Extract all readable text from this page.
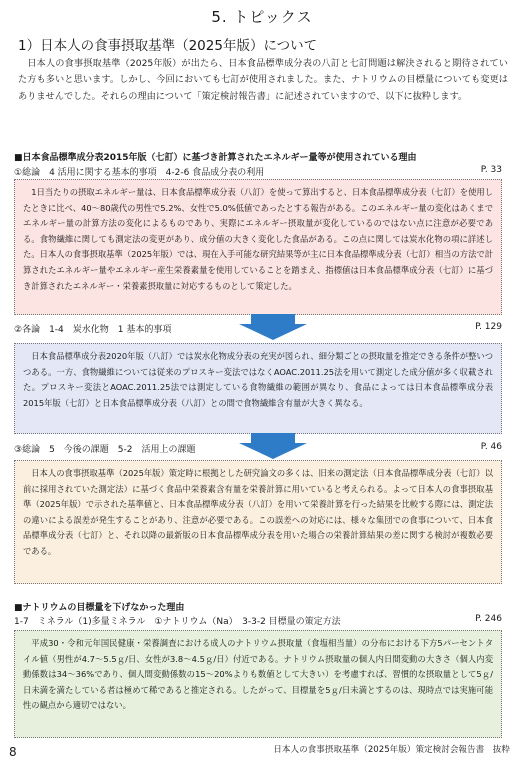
5. トピックス
1）日本人の食事摂取基準（2025年版）について
日本人の食事摂取基準（2025年版）が出たら、日本食品標準成分表の八訂と七訂問題は解決されると期待されていた方も多いと思います。しかし、今回においても七訂が使用されました。また、ナトリウムの目標量についても変更はありませんでした。それらの理由について「策定検討報告書」に記述されていますので、以下に抜粋します。
■日本食品標準成分表2015年版（七訂）に基づき計算されたエネルギー量等が使用されている理由
①総論　4 活用に関する基本的事項　4-2-6 食品成分表の利用	P. 33
1日当たりの摂取エネルギー量は、日本食品標準成分表（八訂）を使って算出すると、日本食品標準成分表（七訂）を使用したときに比べ、40～80歳代の男性で5.2%、女性で5.0%低値であったとする報告がある。このエネルギー量の変化はあくまでエネルギー量の計算方法の変化によるものであり、実際にエネルギー摂取量が変化しているのではない点に注意が必要である。食物繊維に関しても測定法の変更があり、成分値の大きく変化した食品がある。この点に関しては炭水化物の項に詳述した。日本人の食事摂取基準（2025年版）では、現在入手可能な研究結果等が主に日本食品標準成分表（七訂）相当の方法で計算されたエネルギー量やエネルギー産生栄養素量を使用していることを踏まえ、指標値は日本食品標準成分表（七訂）に基づき計算されたエネルギー・栄養素摂取量に対応するものとして策定した。
②各論　1-4　炭水化物　1 基本的事項	P. 129
日本食品標準成分表2020年版（八訂）では炭水化物成分表の充実が図られ、細分類ごとの摂取量を推定できる条件が整いつつある。一方、食物繊維については従来のプロスキー変法ではなくAOAC.2011.25法を用いて測定した成分値が多く収載された。プロスキー変法とAOAC.2011.25法では測定している食物繊維の範囲が異なり、食品によっては日本食品標準成分表2015年版（七訂）と日本食品標準成分表（八訂）との間で食物繊維含有量が大きく異なる。
③総論　5　今後の課題　5-2　活用上の課題	P. 46
日本人の食事摂取基準（2025年版）策定時に根拠とした研究論文の多くは、旧来の測定法（日本食品標準成分表（七訂）以前に採用されていた測定法）に基づく食品中栄養素含有量を栄養計算に用いていると考えられる。よって日本人の食事摂取基準（2025年版）で示された基準値と、日本食品標準成分表（八訂）を用いて栄養計算を行った結果を比較する際には、測定法の違いによる誤差が発生することがあり、注意が必要である。この誤差への対応には、様々な集団での食事について、日本食品標準成分表（七訂）と、それ以降の最新版の日本食品標準成分表を用いた場合の栄養計算結果の差に関する検討が複数必要である。
■ナトリウムの目標量を下げなかった理由
1-7　ミネラル（1)多量ミネラル　①ナトリウム（Na）　3-3-2 目標量の策定方法	P. 246
平成30・令和元年国民健康・栄養調査における成人のナトリウム摂取量（食塩相当量）の分布における下方5パーセントタイル値（男性が4.7～5.5ｇ/日、女性が3.8～4.5ｇ/日）付近である。ナトリウム摂取量の個人内日間変動の大きさ（個人内変動係数は34～36%であり、個人間変動係数の15～20%よりも数値として大きい）を考慮すれば、習慣的な摂取量として5ｇ/日未満を満たしている者は極めて稀であると推定される。したがって、目標量を5ｇ/日未満とするのは、現時点では実施可能性の観点から適切ではない。
8	日本人の食事摂取基準（2025年版）策定検討会報告書　抜粋
